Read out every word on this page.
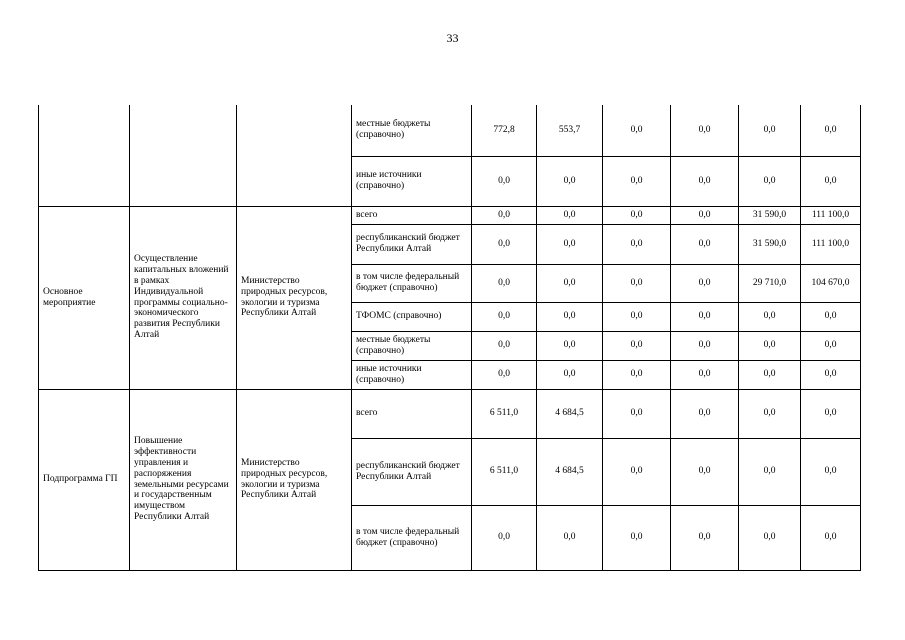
33
			местные бюджеты (справочно)	772,8	553,7	0,0	0,0	0,0	0,0
			иные источники (справочно)	0,0	0,0	0,0	0,0	0,0	0,0
Основное мероприятие	Осуществление капитальных вложений в рамках Индивидуальной программы социально-экономического развития Республики Алтай	Министерство природных ресурсов, экологии и туризма Республики Алтай	всего	0,0	0,0	0,0	0,0	31 590,0	111 100,0
			республиканский бюджет Республики Алтай	0,0	0,0	0,0	0,0	31 590,0	111 100,0
			в том числе федеральный бюджет (справочно)	0,0	0,0	0,0	0,0	29 710,0	104 670,0
			ТФОМС (справочно)	0,0	0,0	0,0	0,0	0,0	0,0
			местные бюджеты (справочно)	0,0	0,0	0,0	0,0	0,0	0,0
			иные источники (справочно)	0,0	0,0	0,0	0,0	0,0	0,0
Подпрограмма ГП	Повышение эффективности управления и распоряжения земельными ресурсами и государственным имуществом Республики Алтай	Министерство природных ресурсов, экологии и туризма Республики Алтай	всего	6 511,0	4 684,5	0,0	0,0	0,0	0,0
			республиканский бюджет Республики Алтай	6 511,0	4 684,5	0,0	0,0	0,0	0,0
			в том числе федеральный бюджет (справочно)	0,0	0,0	0,0	0,0	0,0	0,0
